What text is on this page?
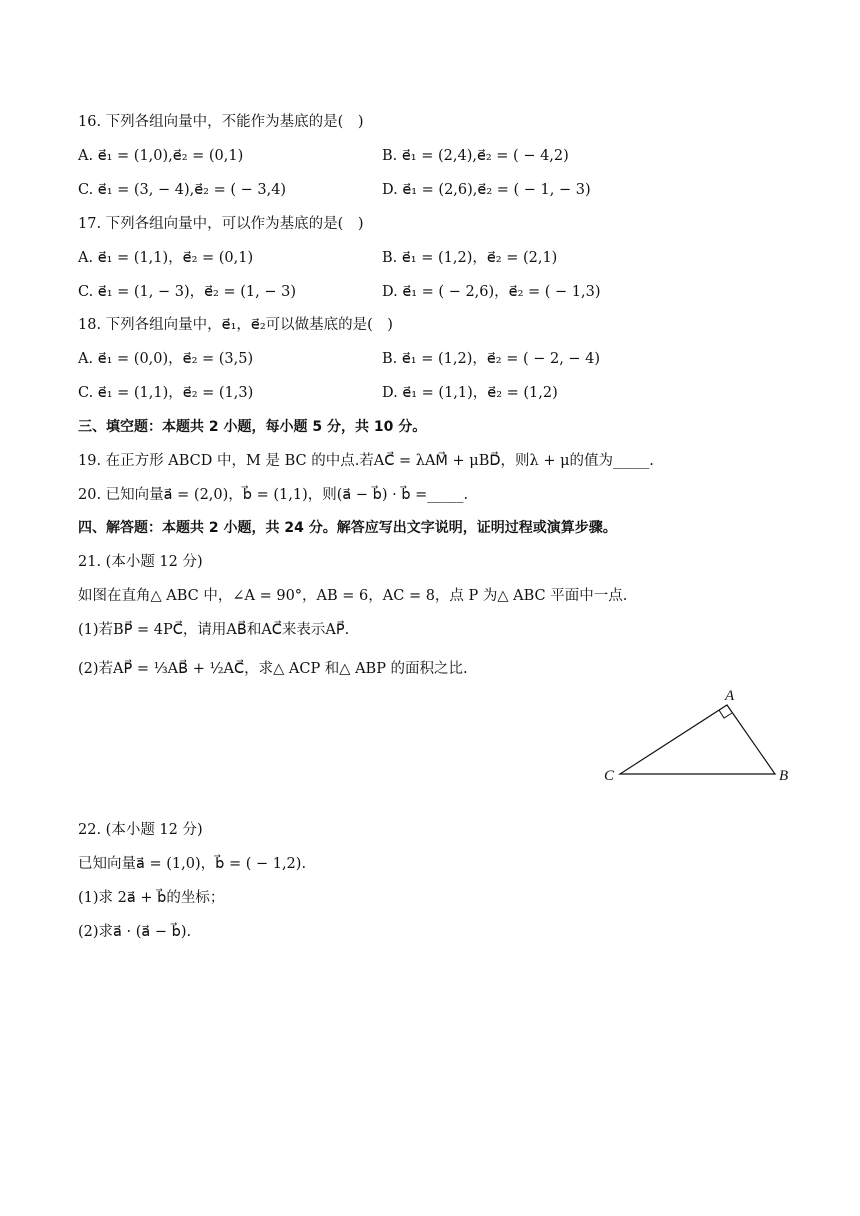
16. 下列各组向量中，不能作为基底的是(　)
A. e⃗₁ = (1,0),e⃗₂ = (0,1)	B. e⃗₁ = (2,4),e⃗₂ = ( − 4,2)
C. e⃗₁ = (3, − 4),e⃗₂ = ( − 3,4)	D. e⃗₁ = (2,6),e⃗₂ = ( − 1, − 3)
17. 下列各组向量中，可以作为基底的是(　)
A. e⃗₁ = (1,1)，e⃗₂ = (0,1)	B. e⃗₁ = (1,2)，e⃗₂ = (2,1)
C. e⃗₁ = (1, − 3)，e⃗₂ = (1, − 3)	D. e⃗₁ = ( − 2,6)，e⃗₂ = ( − 1,3)
18. 下列各组向量中，e⃗₁，e⃗₂可以做基底的是(　)
A. e⃗₁ = (0,0)，e⃗₂ = (3,5)	B. e⃗₁ = (1,2)，e⃗₂ = ( − 2, − 4)
C. e⃗₁ = (1,1)，e⃗₂ = (1,3)	D. e⃗₁ = (1,1)，e⃗₂ = (1,2)
三、填空题：本题共 2 小题，每小题 5 分，共 10 分。
19. 在正方形 ABCD 中，M 是 BC 的中点.若AC⃗ = λAM⃗ + μBD⃗，则λ + μ的值为_____.
20. 已知向量a⃗ = (2,0)，b⃗ = (1,1)，则(a⃗ − b⃗) · b⃗ =_____.
四、解答题：本题共 2 小题，共 24 分。解答应写出文字说明，证明过程或演算步骤。
21. (本小题 12 分)
如图在直角△ ABC 中，∠A = 90°，AB = 6，AC = 8，点 P 为△ ABC 平面中一点.
(1)若BP⃗ = 4PC⃗，请用AB⃗和AC⃗来表示AP⃗.
(2)若AP⃗ = ⅓AB⃗ + ½AC⃗，求△ ACP 和△ ABP 的面积之比.
A
B
C
22. (本小题 12 分)
已知向量a⃗ = (1,0)，b⃗ = ( − 1,2).
(1)求 2a⃗ + b⃗的坐标；
(2)求a⃗ · (a⃗ − b⃗).
